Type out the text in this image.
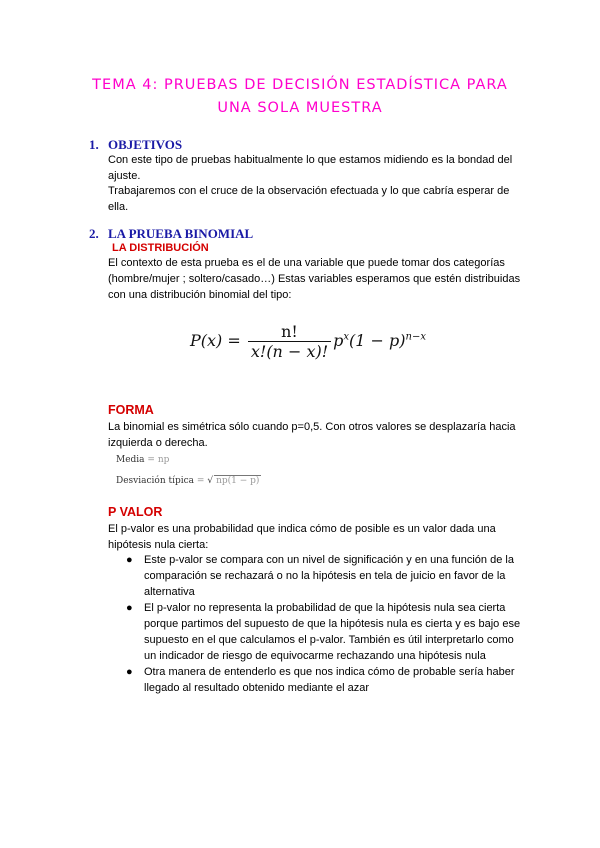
TEMA 4: PRUEBAS DE DECISIÓN ESTADÍSTICA PARA
UNA SOLA MUESTRA
1. OBJETIVOS
Con este tipo de pruebas habitualmente lo que estamos midiendo es la bondad del ajuste.
Trabajaremos con el cruce de la observación efectuada y lo que cabría esperar de ella.
2. LA PRUEBA BINOMIAL
LA DISTRIBUCIÓN
El contexto de esta prueba es el de una variable que puede tomar dos categorías (hombre/mujer ; soltero/casado…) Estas variables esperamos que estén distribuidas con una distribución binomial del tipo:
$P(x) = \frac{n!}{x!(n - x)!} p^x(1 - p)^{n-x}$
FORMA
La binomial es simétrica sólo cuando p=0,5. Con otros valores se desplazaría hacia izquierda o derecha.
Media = np
Desviación típica = √ np(1 − p)
P VALOR
El p-valor es una probabilidad que indica cómo de posible es un valor dada una hipótesis nula cierta:
● Este p-valor se compara con un nivel de significación y en una función de la comparación se rechazará o no la hipótesis en tela de juicio en favor de la alternativa
● El p-valor no representa la probabilidad de que la hipótesis nula sea cierta porque partimos del supuesto de que la hipótesis nula es cierta y es bajo ese supuesto en el que calculamos el p-valor. También es útil interpretarlo como un indicador de riesgo de equivocarme rechazando una hipótesis nula
● Otra manera de entenderlo es que nos indica cómo de probable sería haber llegado al resultado obtenido mediante el azar
